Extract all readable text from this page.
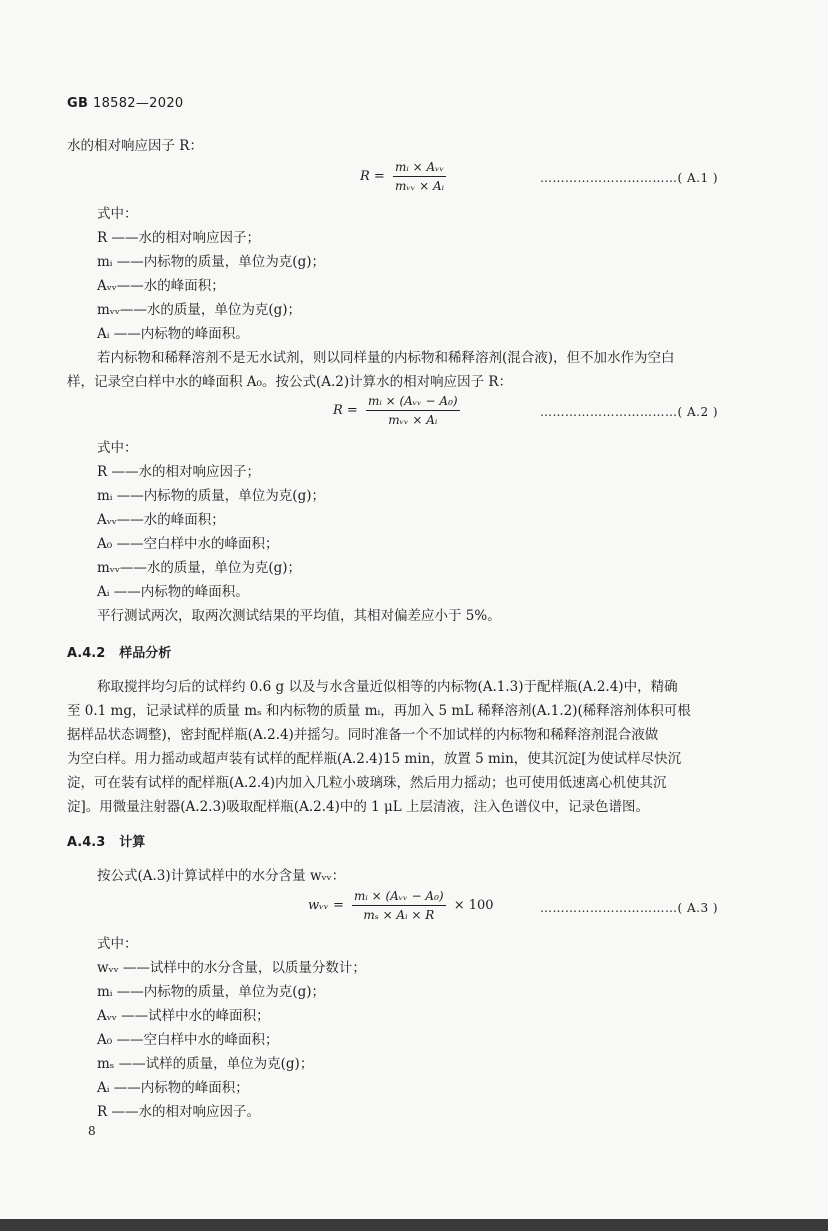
GB 18582—2020
水的相对响应因子 R：
$R = \frac{\text{mᵢ × Aᵥᵥ}}{\text{mᵥᵥ × Aᵢ}}$	……………………………( A.1 )
式中：
R ——水的相对响应因子；
mᵢ ——内标物的质量，单位为克(g)；
Aᵥᵥ——水的峰面积；
mᵥᵥ——水的质量，单位为克(g)；
Aᵢ ——内标物的峰面积。
若内标物和稀释溶剂不是无水试剂，则以同样量的内标物和稀释溶剂(混合液)，但不加水作为空白
样，记录空白样中水的峰面积 A₀。按公式(A.2)计算水的相对响应因子 R：
$R = \frac{\text{mᵢ × (Aᵥᵥ − A₀)}}{\text{mᵥᵥ × Aᵢ}}$	……………………………( A.2 )
式中：
R ——水的相对响应因子；
mᵢ ——内标物的质量，单位为克(g)；
Aᵥᵥ——水的峰面积；
A₀ ——空白样中水的峰面积；
mᵥᵥ——水的质量，单位为克(g)；
Aᵢ ——内标物的峰面积。
平行测试两次，取两次测试结果的平均值，其相对偏差应小于 5%。
A.4.2 样品分析
称取搅拌均匀后的试样约 0.6 g 以及与水含量近似相等的内标物(A.1.3)于配样瓶(A.2.4)中，精确
至 0.1 mg，记录试样的质量 mₛ 和内标物的质量 mᵢ，再加入 5 mL 稀释溶剂(A.1.2)(稀释溶剂体积可根
据样品状态调整)，密封配样瓶(A.2.4)并摇匀。同时准备一个不加试样的内标物和稀释溶剂混合液做
为空白样。用力摇动或超声装有试样的配样瓶(A.2.4)15 min，放置 5 min，使其沉淀[为使试样尽快沉
淀，可在装有试样的配样瓶(A.2.4)内加入几粒小玻璃珠，然后用力摇动；也可使用低速离心机使其沉
淀]。用微量注射器(A.2.3)吸取配样瓶(A.2.4)中的 1 μL 上层清液，注入色谱仪中，记录色谱图。
A.4.3 计算
按公式(A.3)计算试样中的水分含量 wᵥᵥ：
wᵥᵥ = $\frac{\text{mᵢ × (Aᵥᵥ − A₀)}}{\text{mₛ × Aᵢ × R}} \times 100$	……………………………( A.3 )
式中：
wᵥᵥ ——试样中的水分含量，以质量分数计；
mᵢ ——内标物的质量，单位为克(g)；
Aᵥᵥ ——试样中水的峰面积；
A₀ ——空白样中水的峰面积；
mₛ ——试样的质量，单位为克(g)；
Aᵢ ——内标物的峰面积；
R ——水的相对响应因子。
8
